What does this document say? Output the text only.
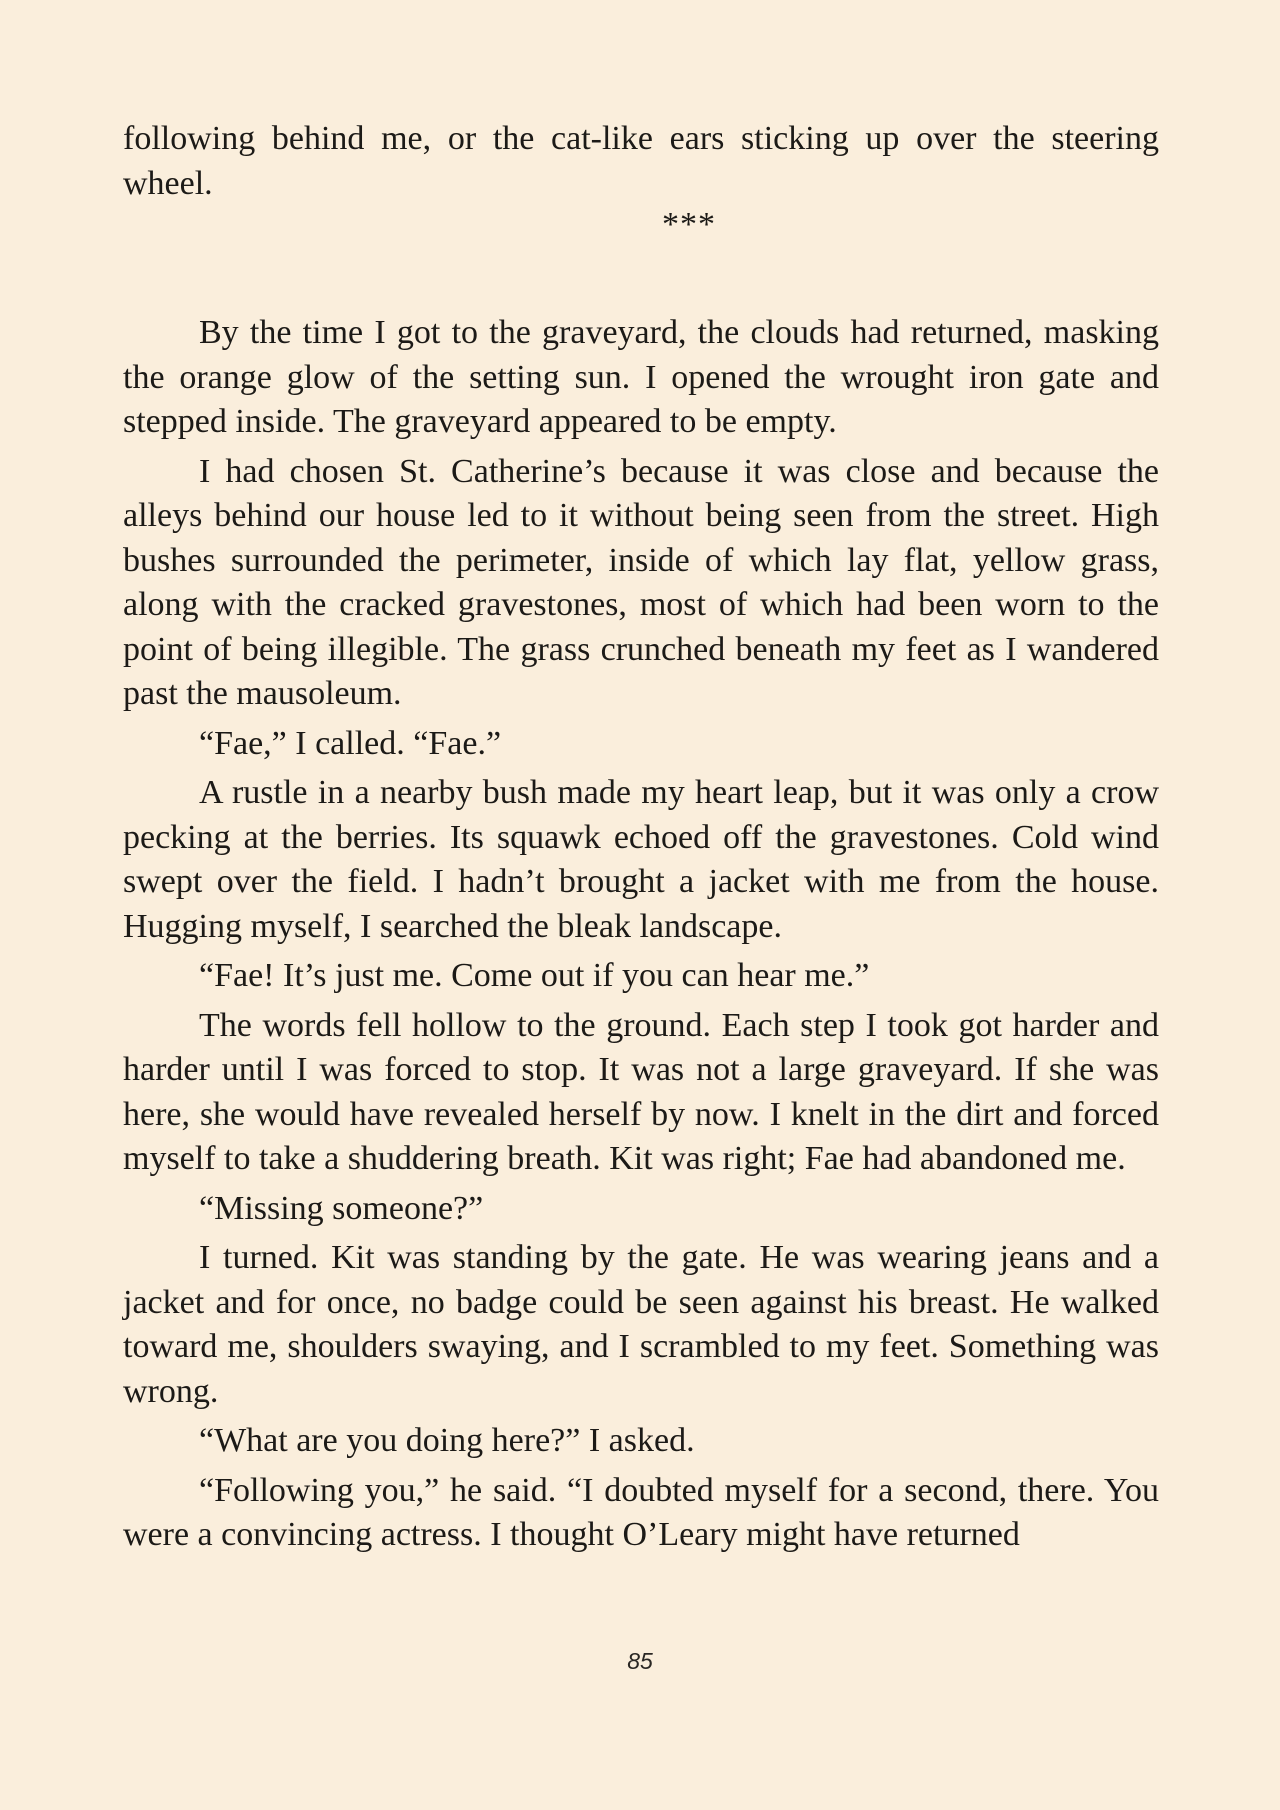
following behind me, or the cat-like ears sticking up over the steering wheel.

***

By the time I got to the graveyard, the clouds had returned, masking the orange glow of the setting sun. I opened the wrought iron gate and stepped inside. The graveyard appeared to be empty.

I had chosen St. Catherine’s because it was close and because the alleys behind our house led to it without being seen from the street. High bushes surrounded the perimeter, inside of which lay flat, yellow grass, along with the cracked gravestones, most of which had been worn to the point of being illegible. The grass crunched beneath my feet as I wandered past the mausoleum.

“Fae,” I called. “Fae.”

A rustle in a nearby bush made my heart leap, but it was only a crow pecking at the berries. Its squawk echoed off the gravestones. Cold wind swept over the field. I hadn’t brought a jacket with me from the house. Hugging myself, I searched the bleak landscape.

“Fae! It’s just me. Come out if you can hear me.”

The words fell hollow to the ground. Each step I took got harder and harder until I was forced to stop. It was not a large graveyard. If she was here, she would have revealed herself by now. I knelt in the dirt and forced myself to take a shuddering breath. Kit was right; Fae had abandoned me.

“Missing someone?”

I turned. Kit was standing by the gate. He was wearing jeans and a jacket and for once, no badge could be seen against his breast. He walked toward me, shoulders swaying, and I scrambled to my feet. Something was wrong.

“What are you doing here?” I asked.

“Following you,” he said. “I doubted myself for a second, there. You were a convincing actress. I thought O’Leary might have returned

85
